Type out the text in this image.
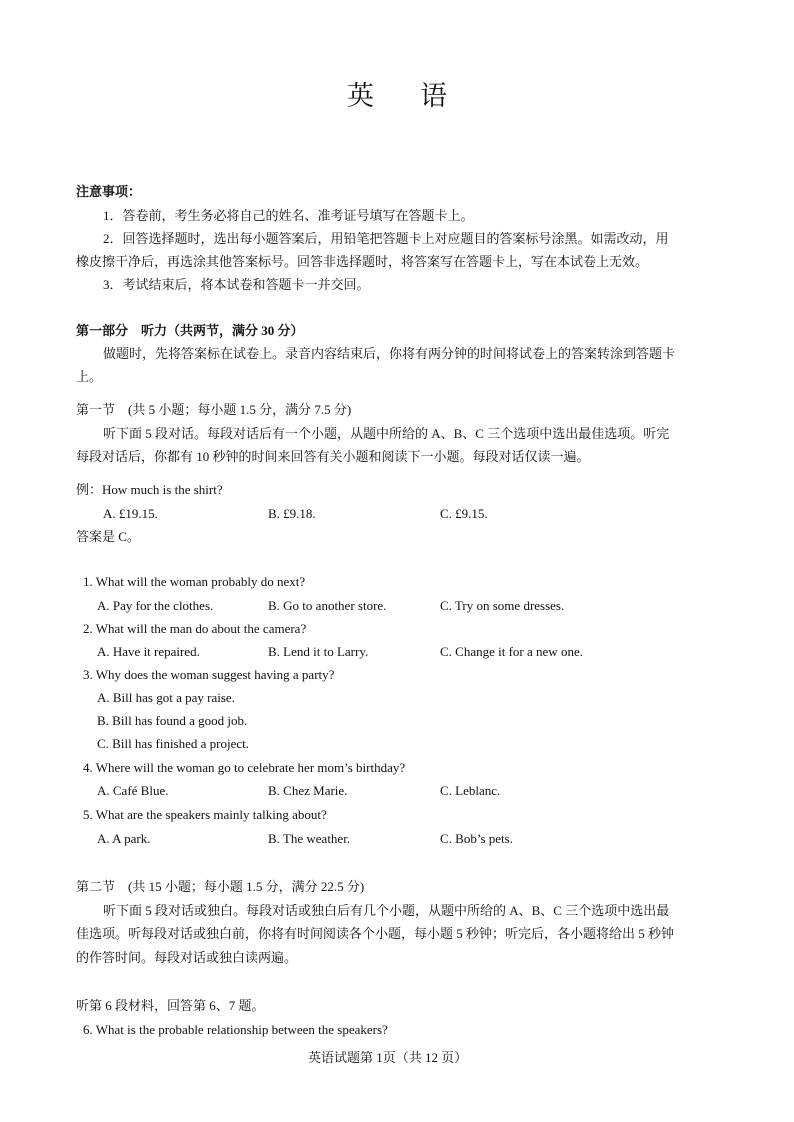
英 语
注意事项：
1．答卷前，考生务必将自己的姓名、准考证号填写在答题卡上。
2．回答选择题时，选出每小题答案后，用铅笔把答题卡上对应题目的答案标号涂黑。如需改动，用
橡皮擦干净后，再选涂其他答案标号。回答非选择题时，将答案写在答题卡上，写在本试卷上无效。
3．考试结束后，将本试卷和答题卡一并交回。
第一部分　听力（共两节，满分 30 分）
做题时，先将答案标在试卷上。录音内容结束后，你将有两分钟的时间将试卷上的答案转涂到答题卡
上。
第一节　(共 5 小题；每小题 1.5 分，满分 7.5 分)
听下面 5 段对话。每段对话后有一个小题，从题中所给的 A、B、C 三个选项中选出最佳选项。听完
每段对话后，你都有 10 秒钟的时间来回答有关小题和阅读下一小题。每段对话仅读一遍。
例：How much is the shirt?
A. £19.15.	B. £9.18.	C. £9.15.
答案是 C。
1. What will the woman probably do next?
A. Pay for the clothes.	B. Go to another store.	C. Try on some dresses.
2. What will the man do about the camera?
A. Have it repaired.	B. Lend it to Larry.	C. Change it for a new one.
3. Why does the woman suggest having a party?
A. Bill has got a pay raise.
B. Bill has found a good job.
C. Bill has finished a project.
4. Where will the woman go to celebrate her mom’s birthday?
A. Café Blue.	B. Chez Marie.	C. Leblanc.
5. What are the speakers mainly talking about?
A. A park.	B. The weather.	C. Bob’s pets.
第二节　(共 15 小题；每小题 1.5 分，满分 22.5 分)
听下面 5 段对话或独白。每段对话或独白后有几个小题，从题中所给的 A、B、C 三个选项中选出最
佳选项。听每段对话或独白前，你将有时间阅读各个小题，每小题 5 秒钟；听完后，各小题将给出 5 秒钟
的作答时间。每段对话或独白读两遍。
听第 6 段材料，回答第 6、7 题。
6. What is the probable relationship between the speakers?
英语试题第 1页（共 12 页）
